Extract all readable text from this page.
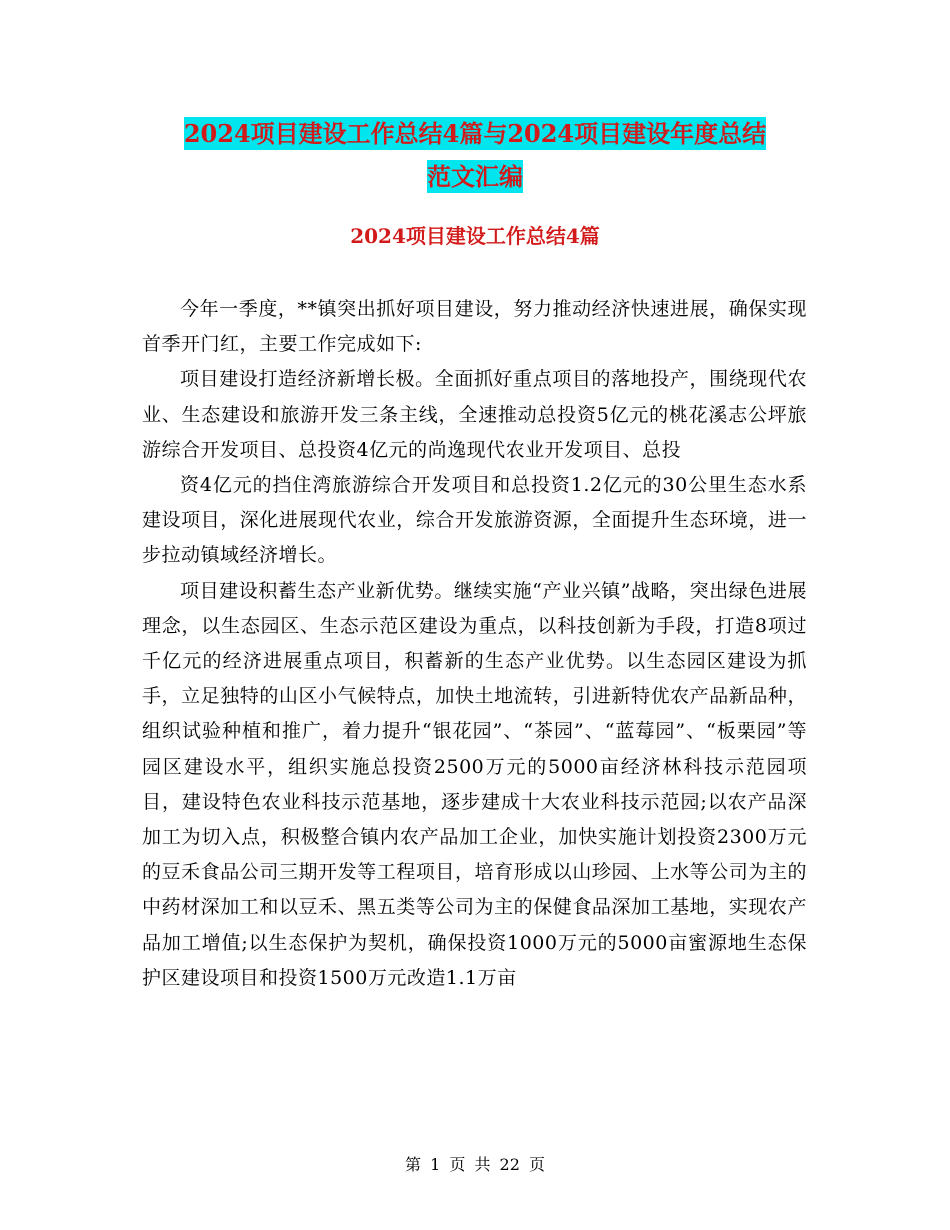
2024项目建设工作总结4篇与2024项目建设年度总结
范文汇编
2024项目建设工作总结4篇

今年一季度，**镇突出抓好项目建设，努力推动经济快速进展，确保实现首季开门红，主要工作完成如下:

项目建设打造经济新增长极。全面抓好重点项目的落地投产，围绕现代农业、生态建设和旅游开发三条主线，全速推动总投资5亿元的桃花溪志公坪旅游综合开发项目、总投资4亿元的尚逸现代农业开发项目、总投

资4亿元的挡住湾旅游综合开发项目和总投资1.2亿元的30公里生态水系建设项目，深化进展现代农业，综合开发旅游资源，全面提升生态环境，进一步拉动镇域经济增长。

项目建设积蓄生态产业新优势。继续实施“产业兴镇”战略，突出绿色进展理念，以生态园区、生态示范区建设为重点，以科技创新为手段，打造8项过千亿元的经济进展重点项目，积蓄新的生态产业优势。以生态园区建设为抓手，立足独特的山区小气候特点，加快土地流转，引进新特优农产品新品种，组织试验种植和推广，着力提升“银花园”、“茶园”、“蓝莓园”、“板栗园”等园区建设水平，组织实施总投资2500万元的5000亩经济林科技示范园项目，建设特色农业科技示范基地，逐步建成十大农业科技示范园;以农产品深加工为切入点，积极整合镇内农产品加工企业，加快实施计划投资2300万元的豆禾食品公司三期开发等工程项目，培育形成以山珍园、上水等公司为主的中药材深加工和以豆禾、黑五类等公司为主的保健食品深加工基地，实现农产品加工增值;以生态保护为契机，确保投资1000万元的5000亩蜜源地生态保护区建设项目和投资1500万元改造1.1万亩

第 1 页 共 22 页
